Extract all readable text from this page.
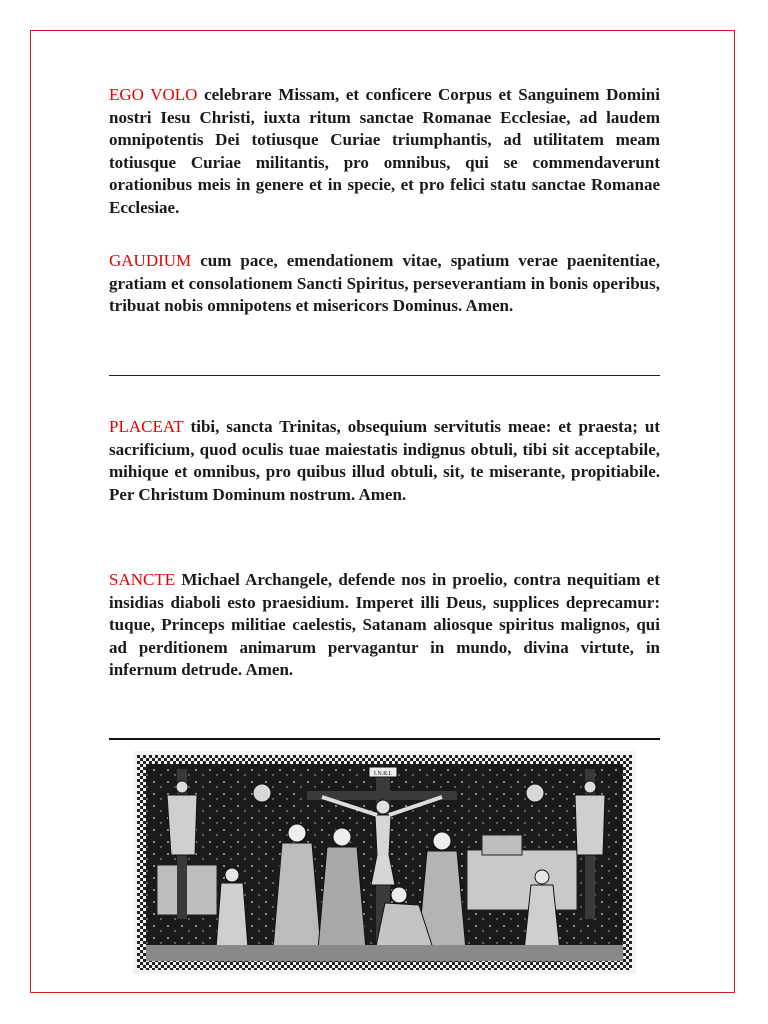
EGO VOLO celebrare Missam, et conficere Corpus et Sanguinem Domini nostri Iesu Christi, iuxta ritum sanctae Romanae Ecclesiae, ad laudem omnipotentis Dei totiusque Curiae triumphantis, ad utilitatem meam totiusque Curiae militantis, pro omnibus, qui se commendaverunt orationibus meis in genere et in specie, et pro felici statu sanctae Romanae Ecclesiae.

GAUDIUM cum pace, emendationem vitae, spatium verae paenitentiae, gratiam et consolationem Sancti Spiritus, perseverantiam in bonis operibus, tribuat nobis omnipotens et misericors Dominus. Amen.

PLACEAT tibi, sancta Trinitas, obsequium servitutis meae: et praesta; ut sacrificium, quod oculis tuae maiestatis indignus obtuli, tibi sit acceptabile, mihique et omnibus, pro quibus illud obtuli, sit, te miserante, propitiabile. Per Christum Dominum nostrum. Amen.

SANCTE Michael Archangele, defende nos in proelio, contra nequitiam et insidias diaboli esto praesidium. Imperet illi Deus, supplices deprecamur: tuque, Princeps militiae caelestis, Satanam aliosque spiritus malignos, qui ad perditionem animarum pervagantur in mundo, divina virtute, in infernum detrude. Amen.

I.N.R.I.
